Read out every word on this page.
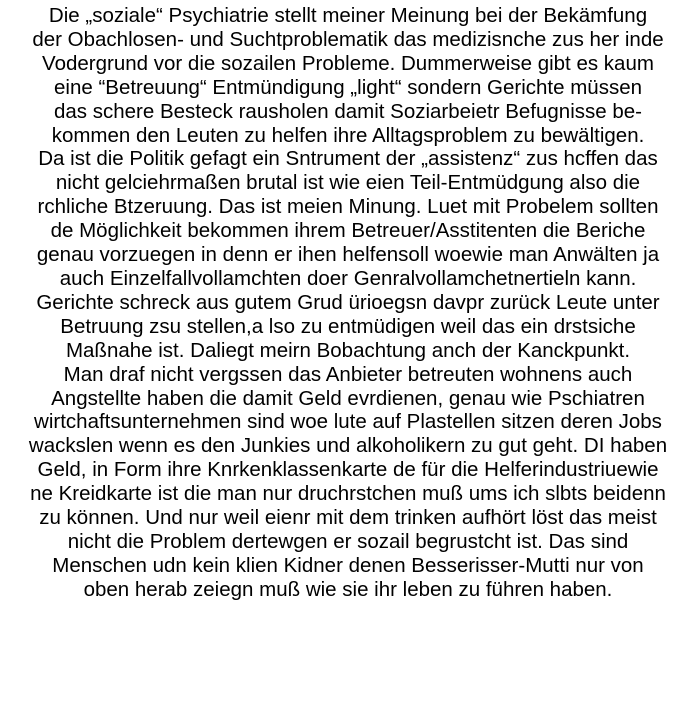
Die „soziale“ Psychiatrie stellt meiner Meinung bei der Bekämfung
der Obachlosen- und Suchtproblematik das medizisnche zus her inde
Vodergrund vor die sozailen Probleme. Dummerweise gibt es kaum
eine “Betreuung“ Entmündigung „light“ sondern Gerichte müssen
das schere Besteck rausholen damit Soziarbeietr Befugnisse be-
kommen den Leuten zu helfen ihre Alltagsproblem zu bewältigen.
Da ist die Politik gefagt ein Sntrument der „assistenz“ zus hcffen das
nicht gelciehrmaßen brutal ist wie eien Teil-Entmüdgung also die
rchliche Btzeruung. Das ist meien Minung. Luet mit Probelem sollten
de Möglichkeit bekommen ihrem Betreuer/Asstitenten die Beriche
genau vorzuegen in denn er ihen helfensoll woewie man Anwälten ja
auch Einzelfallvollamchten doer Genralvollamchetnertieln kann.
Gerichte schreck aus gutem Grud ürioegsn davpr zurück Leute unter
Betruung zsu stellen,a lso zu entmüdigen weil das ein drstsiche
Maßnahe ist. Daliegt meirn Bobachtung anch der Kanckpunkt.
Man draf nicht vergssen das Anbieter betreuten wohnens auch
Angstellte haben die damit Geld evrdienen, genau wie Pschiatren
wirtchaftsunternehmen sind woe lute auf Plastellen sitzen deren Jobs
wackslen wenn es den Junkies und alkoholikern zu gut geht. DI haben
Geld, in Form ihre Knrkenklassenkarte de für die Helferindustriuewie
ne Kreidkarte ist die man nur druchrstchen muß ums ich slbts beidenn
zu können. Und nur weil eienr mit dem trinken aufhört löst das meist
nicht die Problem dertewgen er sozail begrustcht ist. Das sind
Menschen udn kein klien Kidner denen Besserisser-Mutti nur von
oben herab zeiegn muß wie sie ihr leben zu führen haben.
